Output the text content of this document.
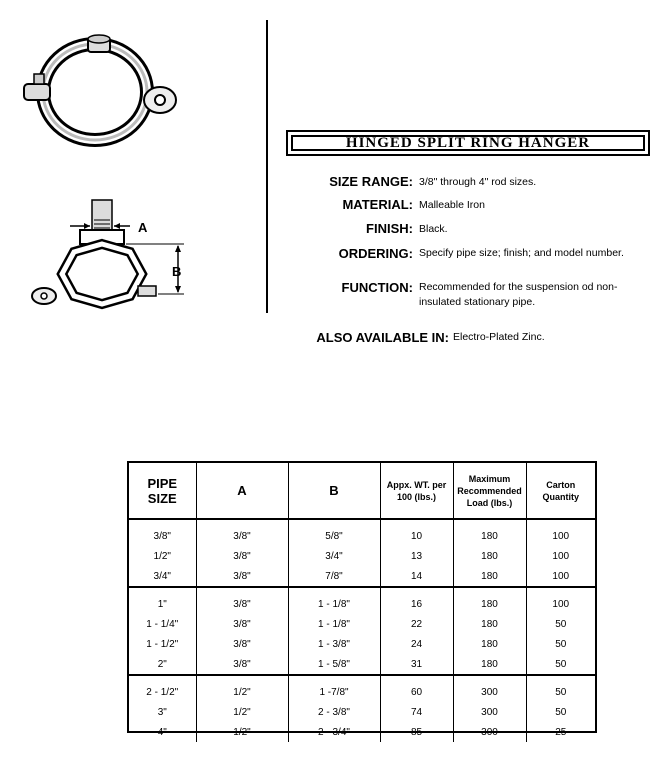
A
B
HINGED SPLIT RING HANGER
SIZE RANGE: 3/8" through 4" rod sizes.
MATERIAL: Malleable Iron
FINISH: Black.
ORDERING: Specify pipe size; finish; and model number.
FUNCTION: Recommended for the suspension od non-insulated stationary pipe.
ALSO AVAILABLE IN: Electro-Plated Zinc.
PIPE SIZE	A	B	Appx. WT. per 100 (lbs.)	Maximum Recommended Load (lbs.)	Carton Quantity
3/8"	3/8"	5/8"	10	180	100
1/2"	3/8"	3/4"	13	180	100
3/4"	3/8"	7/8"	14	180	100
1"	3/8"	1 - 1/8"	16	180	100
1 - 1/4"	3/8"	1 - 1/8"	22	180	50
1 - 1/2"	3/8"	1 - 3/8"	24	180	50
2"	3/8"	1 - 5/8"	31	180	50
2 - 1/2"	1/2"	1 -7/8"	60	300	50
3"	1/2"	2 - 3/8"	74	300	50
4"	1/2"	2 - 3/4"	85	300	25
